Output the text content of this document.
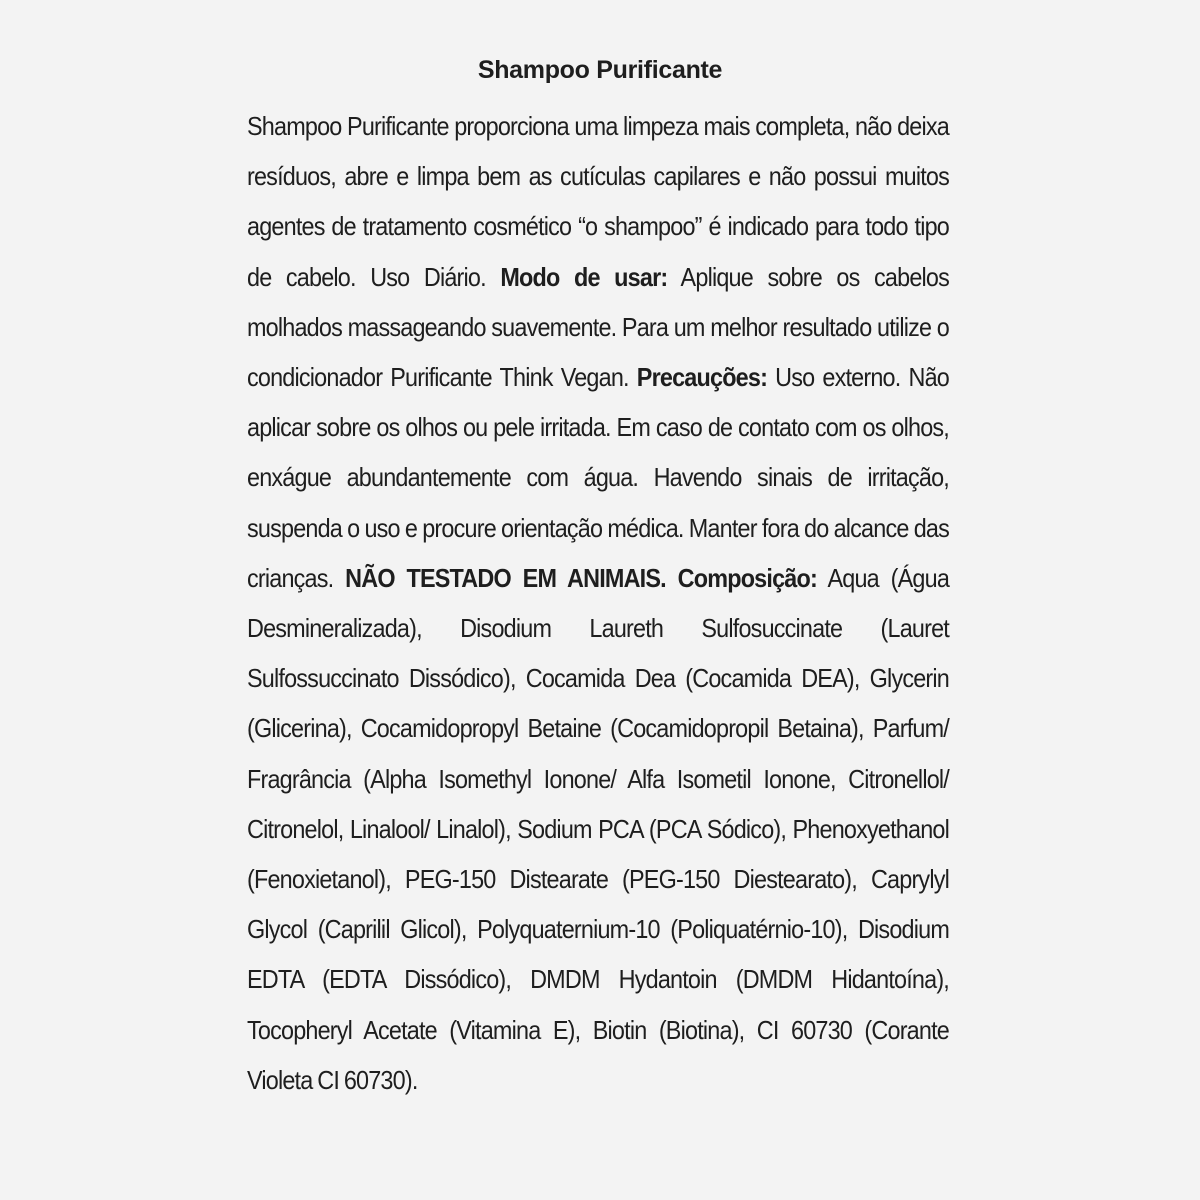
Shampoo Purificante
Shampoo Purificante proporciona uma limpeza mais completa, não deixa resíduos, abre e limpa bem as cutículas capilares e não possui muitos agentes de tratamento cosmético “o shampoo” é indicado para todo tipo de cabelo. Uso Diário. Modo de usar: Aplique sobre os cabelos molhados massageando suavemente. Para um melhor resultado utilize o condicionador Purificante Think Vegan. Precauções: Uso externo. Não aplicar sobre os olhos ou pele irritada. Em caso de contato com os olhos, enxágue abundantemente com água. Havendo sinais de irritação, suspenda o uso e procure orientação médica. Manter fora do alcance das crianças. NÃO TESTADO EM ANIMAIS. Composição: Aqua (Água Desmineralizada), Disodium Laureth Sulfosuccinate (Lauret Sulfossuccinato Dissódico), Cocamida Dea (Cocamida DEA), Glycerin (Glicerina), Cocamidopropyl Betaine (Cocamidopropil Betaina), Parfum/ Fragrância (Alpha Isomethyl Ionone/ Alfa Isometil Ionone, Citronellol/ Citronelol, Linalool/ Linalol), Sodium PCA (PCA Sódico), Phenoxyethanol (Fenoxietanol), PEG-150 Distearate (PEG-150 Diestearato), Caprylyl Glycol (Caprilil Glicol), Polyquaternium-10 (Poliquatérnio-10), Disodium EDTA (EDTA Dissódico), DMDM Hydantoin (DMDM Hidantoína), Tocopheryl Acetate (Vitamina E), Biotin (Biotina), CI 60730 (Corante Violeta CI 60730).
